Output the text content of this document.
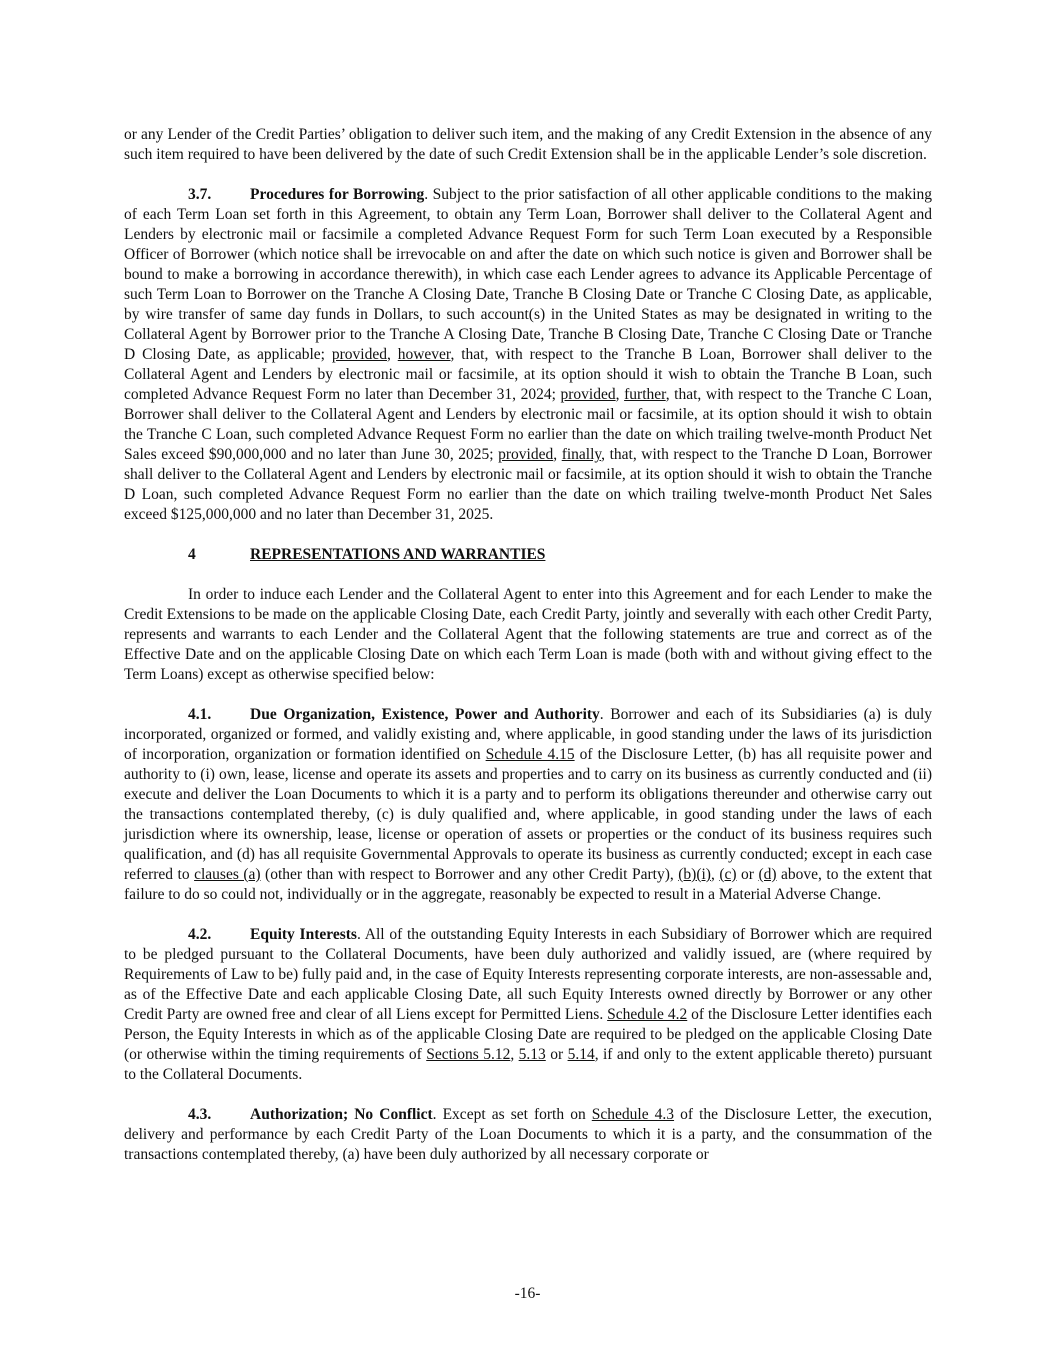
or any Lender of the Credit Parties’ obligation to deliver such item, and the making of any Credit Extension in the absence of any such item required to have been delivered by the date of such Credit Extension shall be in the applicable Lender’s sole discretion.

3.7.	Procedures for Borrowing. Subject to the prior satisfaction of all other applicable conditions to the making of each Term Loan set forth in this Agreement, to obtain any Term Loan, Borrower shall deliver to the Collateral Agent and Lenders by electronic mail or facsimile a completed Advance Request Form for such Term Loan executed by a Responsible Officer of Borrower (which notice shall be irrevocable on and after the date on which such notice is given and Borrower shall be bound to make a borrowing in accordance therewith), in which case each Lender agrees to advance its Applicable Percentage of such Term Loan to Borrower on the Tranche A Closing Date, Tranche B Closing Date or Tranche C Closing Date, as applicable, by wire transfer of same day funds in Dollars, to such account(s) in the United States as may be designated in writing to the Collateral Agent by Borrower prior to the Tranche A Closing Date, Tranche B Closing Date, Tranche C Closing Date or Tranche D Closing Date, as applicable; provided, however, that, with respect to the Tranche B Loan, Borrower shall deliver to the Collateral Agent and Lenders by electronic mail or facsimile, at its option should it wish to obtain the Tranche B Loan, such completed Advance Request Form no later than December 31, 2024; provided, further, that, with respect to the Tranche C Loan, Borrower shall deliver to the Collateral Agent and Lenders by electronic mail or facsimile, at its option should it wish to obtain the Tranche C Loan, such completed Advance Request Form no earlier than the date on which trailing twelve-month Product Net Sales exceed $90,000,000 and no later than June 30, 2025; provided, finally, that, with respect to the Tranche D Loan, Borrower shall deliver to the Collateral Agent and Lenders by electronic mail or facsimile, at its option should it wish to obtain the Tranche D Loan, such completed Advance Request Form no earlier than the date on which trailing twelve-month Product Net Sales exceed $125,000,000 and no later than December 31, 2025.

4	REPRESENTATIONS AND WARRANTIES

In order to induce each Lender and the Collateral Agent to enter into this Agreement and for each Lender to make the Credit Extensions to be made on the applicable Closing Date, each Credit Party, jointly and severally with each other Credit Party, represents and warrants to each Lender and the Collateral Agent that the following statements are true and correct as of the Effective Date and on the applicable Closing Date on which each Term Loan is made (both with and without giving effect to the Term Loans) except as otherwise specified below:

4.1.	Due Organization, Existence, Power and Authority. Borrower and each of its Subsidiaries (a) is duly incorporated, organized or formed, and validly existing and, where applicable, in good standing under the laws of its jurisdiction of incorporation, organization or formation identified on Schedule 4.15 of the Disclosure Letter, (b) has all requisite power and authority to (i) own, lease, license and operate its assets and properties and to carry on its business as currently conducted and (ii) execute and deliver the Loan Documents to which it is a party and to perform its obligations thereunder and otherwise carry out the transactions contemplated thereby, (c) is duly qualified and, where applicable, in good standing under the laws of each jurisdiction where its ownership, lease, license or operation of assets or properties or the conduct of its business requires such qualification, and (d) has all requisite Governmental Approvals to operate its business as currently conducted; except in each case referred to clauses (a) (other than with respect to Borrower and any other Credit Party), (b)(i), (c) or (d) above, to the extent that failure to do so could not, individually or in the aggregate, reasonably be expected to result in a Material Adverse Change.

4.2.	Equity Interests. All of the outstanding Equity Interests in each Subsidiary of Borrower which are required to be pledged pursuant to the Collateral Documents, have been duly authorized and validly issued, are (where required by Requirements of Law to be) fully paid and, in the case of Equity Interests representing corporate interests, are non-assessable and, as of the Effective Date and each applicable Closing Date, all such Equity Interests owned directly by Borrower or any other Credit Party are owned free and clear of all Liens except for Permitted Liens. Schedule 4.2 of the Disclosure Letter identifies each Person, the Equity Interests in which as of the applicable Closing Date are required to be pledged on the applicable Closing Date (or otherwise within the timing requirements of Sections 5.12, 5.13 or 5.14, if and only to the extent applicable thereto) pursuant to the Collateral Documents.

4.3.	Authorization; No Conflict. Except as set forth on Schedule 4.3 of the Disclosure Letter, the execution, delivery and performance by each Credit Party of the Loan Documents to which it is a party, and the consummation of the transactions contemplated thereby, (a) have been duly authorized by all necessary corporate or

-16-
